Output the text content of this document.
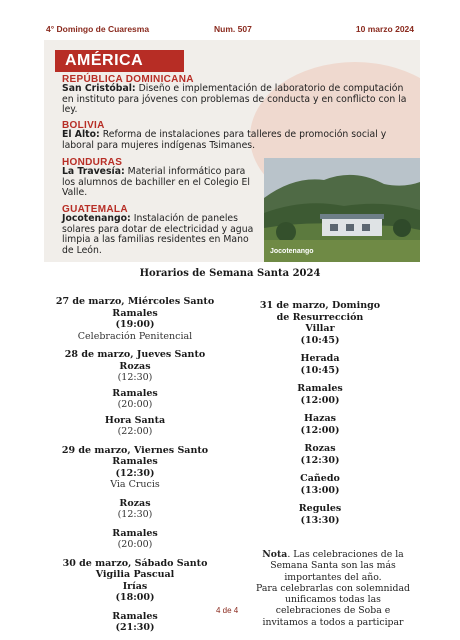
4° Domingo de Cuaresma	Num. 507	10 marzo 2024
AMÉRICA
REPÚBLICA DOMINICANA
San Cristóbal: Diseño e implementación de laboratorio de computación en instituto para jóvenes con problemas de conducta y en conflicto con la ley.
BOLIVIA
El Alto: Reforma de instalaciones para talleres de promoción social y laboral para mujeres indígenas Tsimanes.
HONDURAS
La Travesía: Material informático para los alumnos de bachiller en el Colegio El Valle.
GUATEMALA
Jocotenango: Instalación de paneles solares para dotar de electricidad y agua limpia a las familias residentes en Mano de León.	Jocotenango
Horarios de Semana Santa 2024
27 de marzo, Miércoles Santo
Ramales
(19:00)
Celebración Penitencial
28 de marzo, Jueves Santo
Rozas
(12:30)
Ramales
(20:00)
Hora Santa
(22:00)
29 de marzo, Viernes Santo
Ramales
(12:30)
Via Crucis
Rozas
(12:30)
Ramales
(20:00)
30 de marzo, Sábado Santo
Vigilia Pascual
Irías
(18:00)
Ramales
(21:30)
31 de marzo, Domingo
de Resurrección
Villar
(10:45)
Herada
(10:45)
Ramales
(12:00)
Hazas
(12:00)
Rozas
(12:30)
Cañedo
(13:00)
Regules
(13:30)
Nota. Las celebraciones de la Semana Santa son las más importantes del año.
Para celebrarlas con solemnidad unificamos todas las celebraciones de Soba e invitamos a todos a participar
4 de 4
